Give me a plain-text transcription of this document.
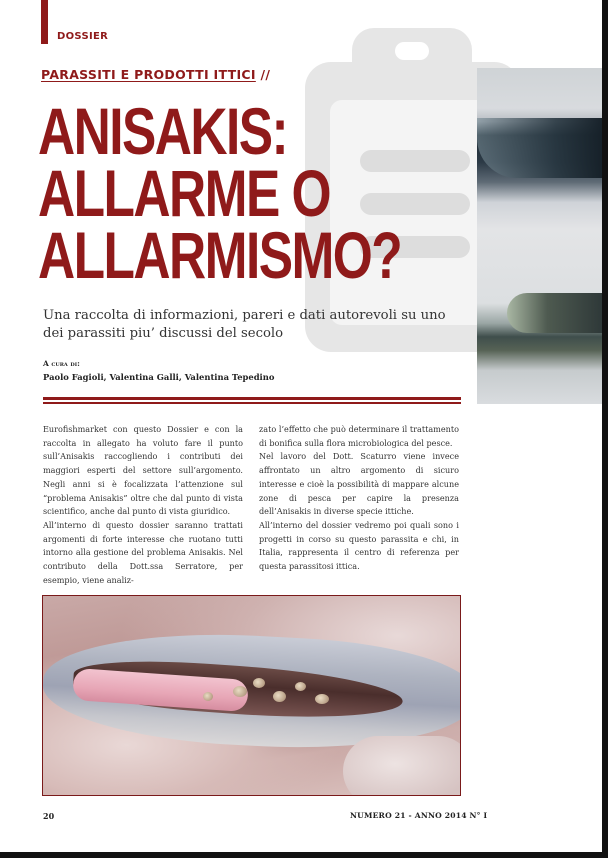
DOSSIER
PARASSITI E PRODOTTI ITTICI //
ANISAKIS:
ALLARME O
ALLARMISMO?
Una raccolta di informazioni, pareri e dati autorevoli su uno dei parassiti piu’ discussi del secolo
A cura di:
Paolo Fagioli, Valentina Galli, Valentina Tepedino

Eurofishmarket con questo Dossier e con la raccolta in allegato ha voluto fare il punto sull’Anisakis raccogliendo i contributi dei maggiori esperti del settore sull’argomento. Negli anni si è focalizzata l’attenzione sul “problema Anisakis” oltre che dal punto di vista scientifico, anche dal punto di vista giuridico.

All’interno di questo dossier saranno trattati argomenti di forte interesse che ruotano tutti intorno alla gestione del problema Anisakis. Nel contributo della Dott.ssa Serratore, per esempio, viene analiz-

zato l’effetto che può determinare il trattamento di bonifica sulla flora microbiologica del pesce.

Nel lavoro del Dott. Scaturro viene invece affrontato un altro argomento di sicuro interesse e cioè la possibilità di mappare alcune zone di pesca per capire la presenza dell’Anisakis in diverse specie ittiche.

All’interno del dossier vedremo poi quali sono i progetti in corso su questo parassita e chi, in Italia, rappresenta il centro di referenza per questa parassitosi ittica.

20	NUMERO 21 - ANNO 2014 N° I
